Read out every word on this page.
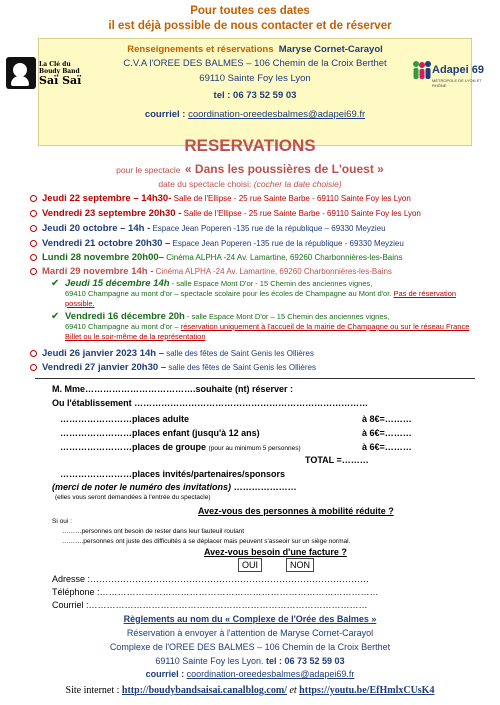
Pour toutes ces dates
il est déjà possible de nous contacter et de réserver
Renseignements et réservations Maryse Cornet-Carayol
C.V.A l'OREE DES BALMES – 106 Chemin de la Croix Berthet
69110 Sainte Foy les Lyon
tel : 06 73 52 59 03
courriel : coordination-oreedesbalmes@adapei69.fr
La Clé du
Boudy Band
Saï Saï
Adapei 69
MÉTROPOLE DE LYON ET RHÔNE
RESERVATIONS
pour le spectacle « Dans les poussières de L'ouest »
date du spectacle choisi: (cocher la date choisie)
Jeudi 22 septembre – 14h30- Salle de l'Ellipse - 25 rue Sainte Barbe - 69110 Sainte Foy les Lyon
Vendredi 23 septembre 20h30 - Salle de l'Ellipse - 25 rue Sainte Barbe - 69110 Sainte Foy les Lyon
Jeudi 20 octobre – 14h - Espace Jean Poperen -135 rue de la république – 69330 Meyzieu
Vendredi 21 octobre 20h30 – Espace Jean Poperen -135 rue de la république - 69330 Meyzieu
Lundi 28 novembre 20h00– Cinéma ALPHA -24 Av. Lamartine, 69260 Charbonnières-les-Bains
Mardi 29 novembre 14h - Cinéma ALPHA -24 Av. Lamartine, 69260 Charbonnières-les-Bains
✔ Jeudi 15 décembre 14h - salle Espace Mont D'or - 15 Chemin des anciennes vignes,
69410 Champagne au mont d'or – spectacle scolaire pour les écoles de Champagne au Mont d'or. Pas de réservation possible.
✔ Vendredi 16 décembre 20h - salle Espace Mont D'or – 15 Chemin des anciennes vignes,
69410 Champagne au mont d'or – réservation uniquement à l'accueil de la mairie de Champagne ou sur le réseau France Billet ou le soir-même de la représentation
Jeudi 26 janvier 2023 14h – salle des fêtes de Saint Genis les Ollières
Vendredi 27 janvier 20h30 – salle des fêtes de Saint Genis les Ollières
M. Mme……………………………….souhaite (nt) réserver :
Ou l'établissement ……………………………………………………………………
……………………places adulte	à 8€=………
……………………places enfant (jusqu'à 12 ans)	à 6€=………
……………………places de groupe (pour au minimum 5 personnes)	à 6€=………
TOTAL =………
……………………places invités/partenaires/sponsors
(merci de noter le numéro des invitations) …………………
(elles vous seront demandées à l'entrée du spectacle)
Avez-vous des personnes à mobilité réduite ?
Si oui :
………personnes ont besoin de rester dans leur fauteuil roulant
……….personnes ont juste des difficultés à se déplacer mais peuvent s'asseoir sur un siège normal.
Avez-vous besoin d'une facture ?
OUI	NON
Adresse :…………………………………………………………………………………
Téléphone :…………………………………………………………………………………
Courriel :…………………………………………………………………………………
Règlements au nom du « Complexe de l'Orée des Balmes »
Réservation à envoyer à l'attention de Maryse Cornet-Carayol
Complexe de l'OREE DES BALMES – 106 Chemin de la Croix Berthet
69110 Sainte Foy les Lyon. tel : 06 73 52 59 03
courriel : coordination-oreedesbalmes@adapei69.fr
Site internet : http://boudybandsaisai.canalblog.com/ et https://youtu.be/EfHmlxCUsK4
